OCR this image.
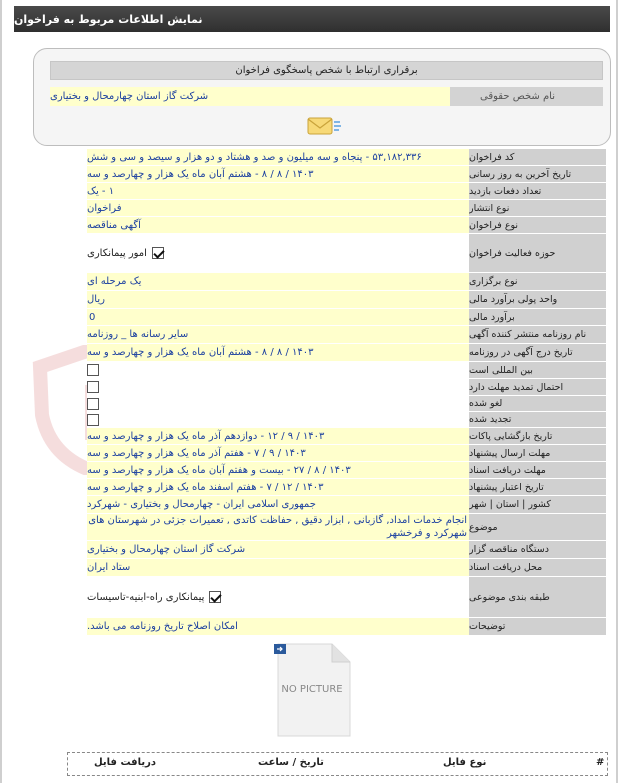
نمایش اطلاعات مربوط به فراخوان
برقراری ارتباط با شخص پاسخگوی فراخوان
نام شخص حقوقی
شرکت گاز استان چهارمحال و بختیاری
کد فراخوان
۵۳,۱۸۲,۳۳۶ - پنجاه و سه میلیون و صد و هشتاد و دو هزار و سیصد و سی و شش
تاریخ آخرین به روز رسانی
۱۴۰۳ / ۸ / ۸ - هشتم آبان ماه یک هزار و چهارصد و سه
تعداد دفعات بازدید
۱ - یک
نوع انتشار
فراخوان
نوع فراخوان
آگهی مناقصه
حوزه فعالیت فراخوان
امور پیمانکاری
نوع برگزاری
یک مرحله ای
واحد پولی برآورد مالی
ریال
برآورد مالی
0
نام روزنامه منتشر کننده آگهی
سایر رسانه ها _ روزنامه
تاریخ درج آگهی در روزنامه
۱۴۰۳ / ۸ / ۸ - هشتم آبان ماه یک هزار و چهارصد و سه
بین المللی است
احتمال تمدید مهلت دارد
لغو شده
تجدید شده
تاریخ بازگشایی پاکات
۱۴۰۳ / ۹ / ۱۲ - دوازدهم آذر ماه یک هزار و چهارصد و سه
مهلت ارسال پیشنهاد
۱۴۰۳ / ۹ / ۷ - هفتم آذر ماه یک هزار و چهارصد و سه
مهلت دریافت اسناد
۱۴۰۳ / ۸ / ۲۷ - بیست و هفتم آبان ماه یک هزار و چهارصد و سه
تاریخ اعتبار پیشنهاد
۱۴۰۳ / ۱۲ / ۷ - هفتم اسفند ماه یک هزار و چهارصد و سه
کشور | استان | شهر
جمهوری اسلامی ایران - چهارمحال و بختیاری - شهرکرد
موضوع
انجام خدمات امداد, گازبانی , ابزار دقیق , حفاظت کاتدی , تعمیرات جزئی در شهرستان های شهرکرد و فرخشهر
دستگاه مناقصه گزار
شرکت گاز استان چهارمحال و بختیاری
محل دریافت اسناد
ستاد ایران
طبقه بندی موضوعی
پیمانکاری راه-ابنیه-تاسیسات
توضیحات
امکان اصلاح تاریخ روزنامه می باشد.
NO PICTURE
#
نوع فایل
تاریخ / ساعت
دریافت فایل
